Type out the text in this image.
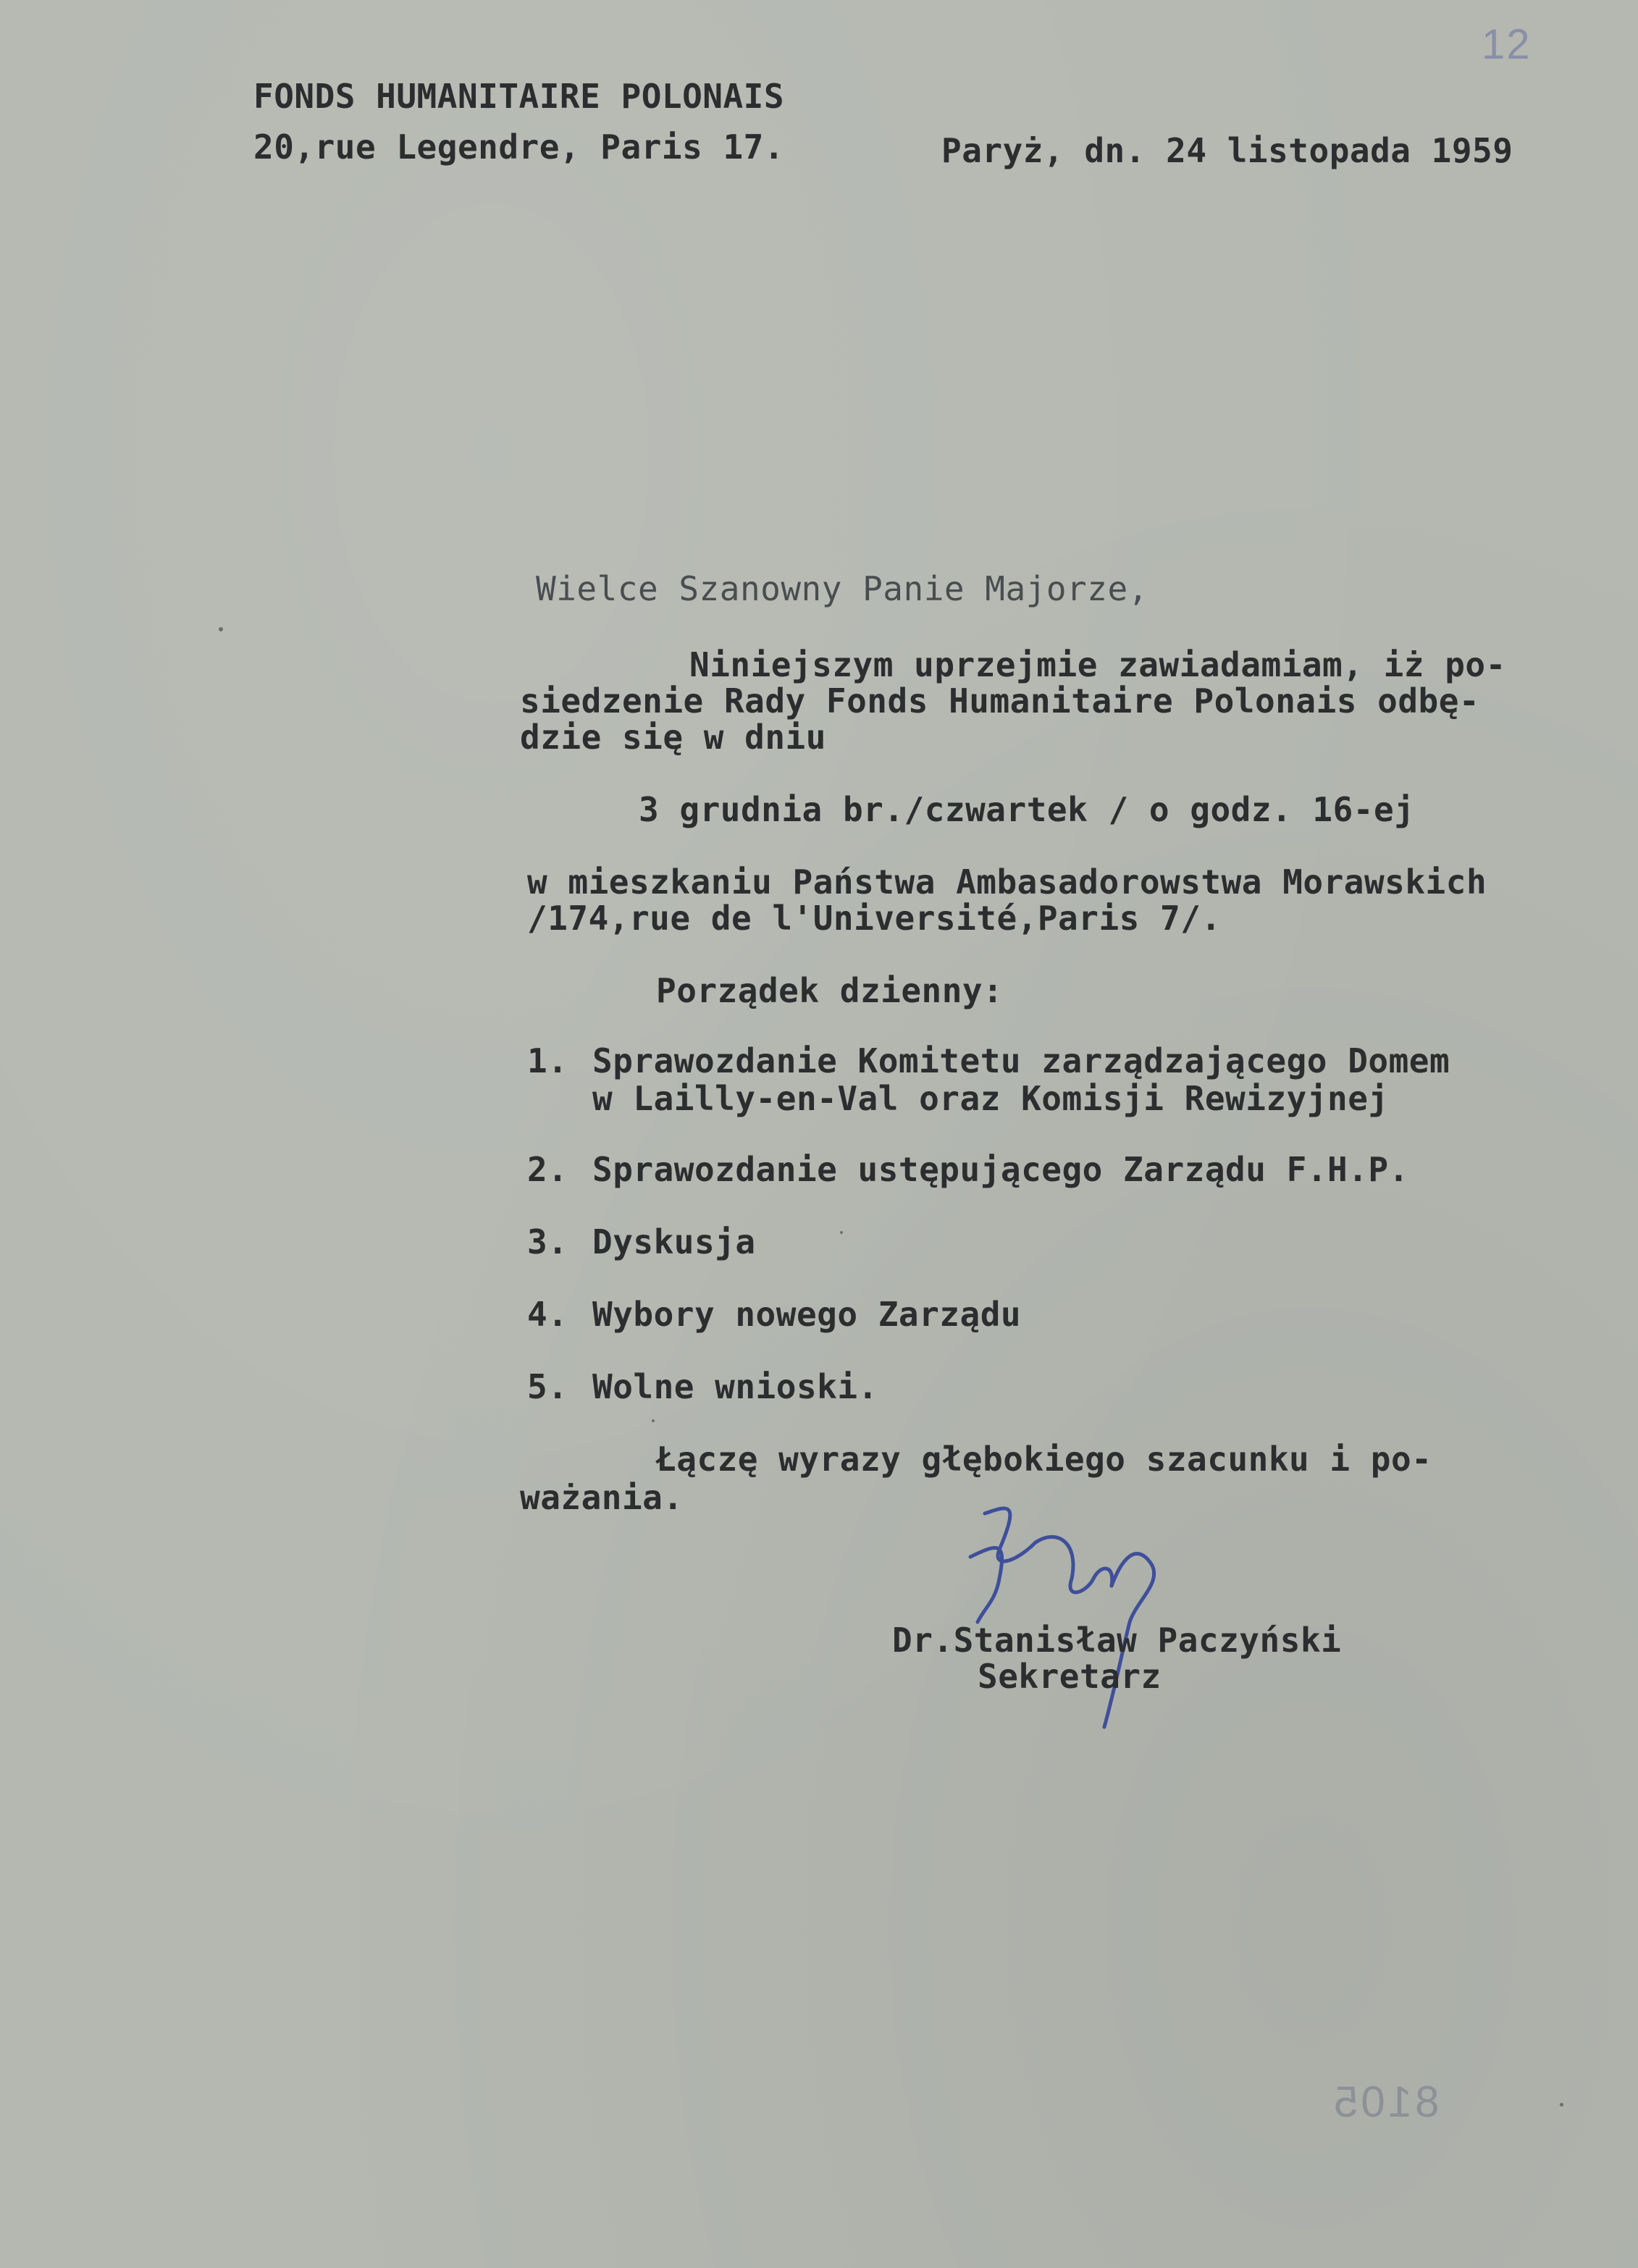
12
FONDS HUMANITAIRE POLONAIS
20,rue Legendre, Paris 17.	Paryż, dn. 24 listopada 1959
Wielce Szanowny Panie Majorze,
Niniejszym uprzejmie zawiadamiam, iż po-
siedzenie Rady Fonds Humanitaire Polonais odbę-
dzie się w dniu
3 grudnia br./czwartek / o godz. 16-ej
w mieszkaniu Państwa Ambasadorowstwa Morawskich
/174,rue de l'Université,Paris 7/.
Porządek dzienny:
1. Sprawozdanie Komitetu zarządzającego Domem
w Lailly-en-Val oraz Komisji Rewizyjnej
2. Sprawozdanie ustępującego Zarządu F.H.P.
3. Dyskusja
4. Wybory nowego Zarządu
5. Wolne wnioski.
Łączę wyrazy głębokiego szacunku i po-
ważania.
Dr.Stanisław Paczyński
Sekretarz
8105
